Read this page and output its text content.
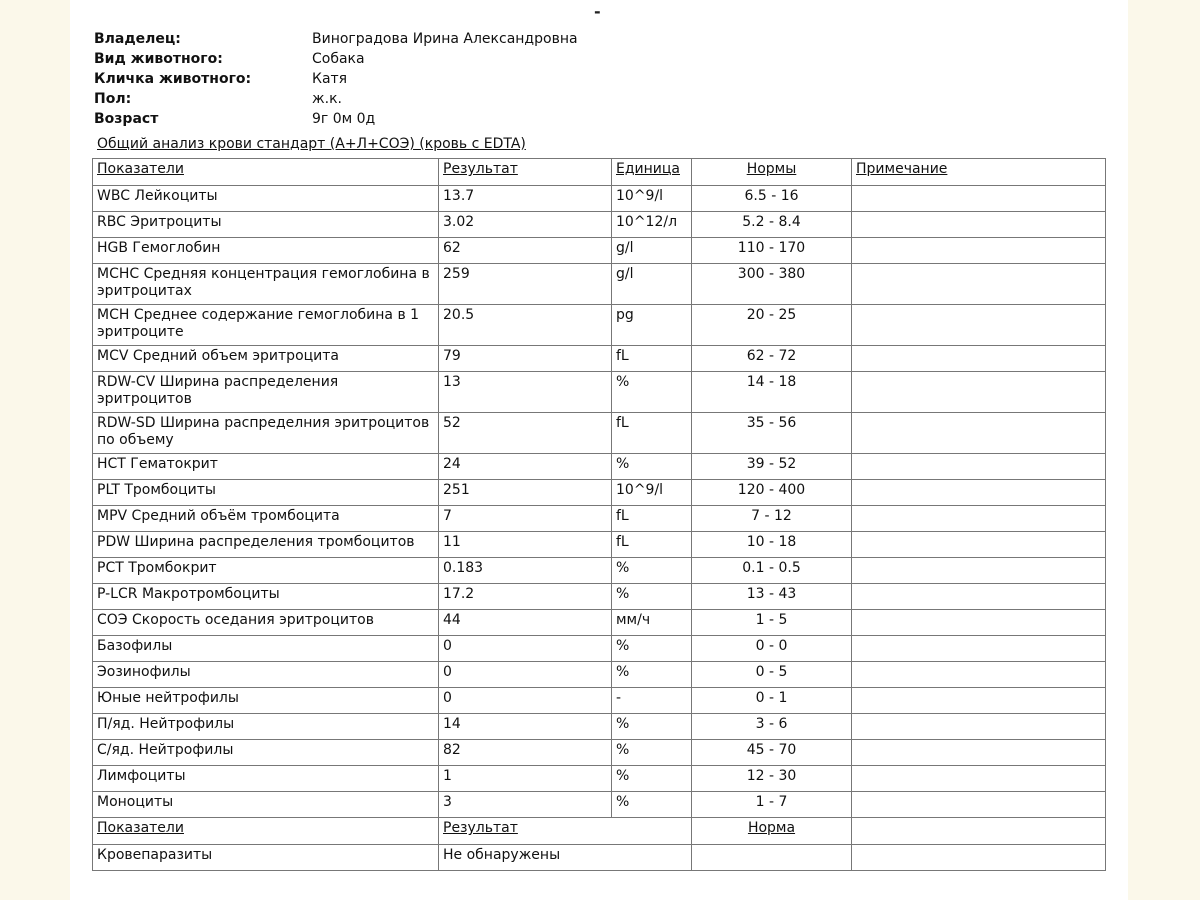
-
Владелец:	Виноградова Ирина Александровна
Вид животного:	Собака
Кличка животного:	Катя
Пол:	ж.к.
Возраст	9г 0м 0д
Общий анализ крови стандарт (А+Л+СОЭ) (кровь с EDTA)
Показатели	Результат	Единица	Нормы	Примечание
WBC Лейкоциты	13.7	10^9/l	6.5 - 16	
RBC Эритроциты	3.02	10^12/л	5.2 - 8.4	
HGB Гемоглобин	62	g/l	110 - 170	
MCHC Средняя концентрация гемоглобина в эритроцитах	259	g/l	300 - 380	
MCH Среднее содержание гемоглобина в 1 эритроците	20.5	pg	20 - 25	
MCV Средний объем эритроцита	79	fL	62 - 72	
RDW-CV Ширина распределения эритроцитов	13	%	14 - 18	
RDW-SD Ширина распределния эритроцитов по объему	52	fL	35 - 56	
HCT Гематокрит	24	%	39 - 52	
PLT Тромбоциты	251	10^9/l	120 - 400	
MPV Средний объём тромбоцита	7	fL	7 - 12	
PDW Ширина распределения тромбоцитов	11	fL	10 - 18	
PCT Тромбокрит	0.183	%	0.1 - 0.5	
P-LCR Макротромбоциты	17.2	%	13 - 43	
СОЭ Скорость оседания эритроцитов	44	мм/ч	1 - 5	
Базофилы	0	%	0 - 0	
Эозинофилы	0	%	0 - 5	
Юные нейтрофилы	0	-	0 - 1	
П/яд. Нейтрофилы	14	%	3 - 6	
С/яд. Нейтрофилы	82	%	45 - 70	
Лимфоциты	1	%	12 - 30	
Моноциты	3	%	1 - 7	
Показатели	Результат		Норма	
Кровепаразиты	Не обнаружены			
